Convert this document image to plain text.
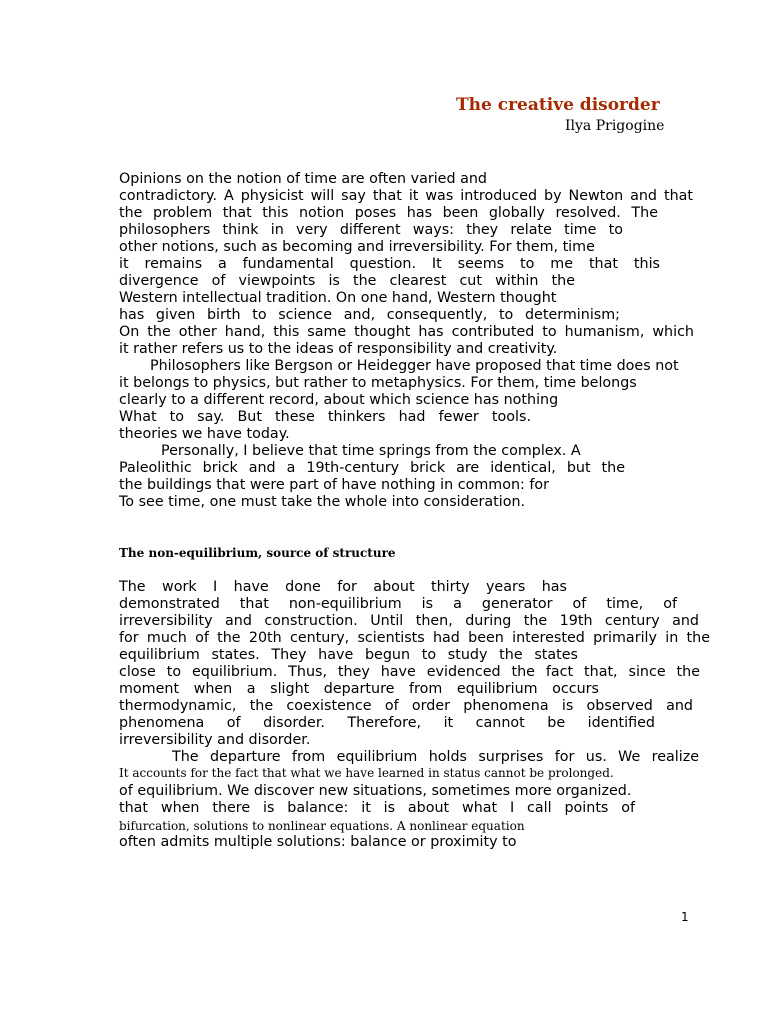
The creative disorder
Ilya Prigogine
Opinions on the notion of time are often varied and
contradictory. A physicist will say that it was introduced by Newton and that
the problem that this notion poses has been globally resolved. The
philosophers think in very different ways: they relate time to
other notions, such as becoming and irreversibility. For them, time
it remains a fundamental question. It seems to me that this
divergence of viewpoints is the clearest cut within the
Western intellectual tradition. On one hand, Western thought
has given birth to science and, consequently, to determinism;
On the other hand, this same thought has contributed to humanism, which
it rather refers us to the ideas of responsibility and creativity.
Philosophers like Bergson or Heidegger have proposed that time does not
it belongs to physics, but rather to metaphysics. For them, time belongs
clearly to a different record, about which science has nothing
What to say. But these thinkers had fewer tools.
theories we have today.
Personally, I believe that time springs from the complex. A
Paleolithic brick and a 19th-century brick are identical, but the
the buildings that were part of have nothing in common: for
To see time, one must take the whole into consideration.
The non-equilibrium, source of structure
The work I have done for about thirty years has
demonstrated that non-equilibrium is a generator of time, of
irreversibility and construction. Until then, during the 19th century and
for much of the 20th century, scientists had been interested primarily in the
equilibrium states. They have begun to study the states
close to equilibrium. Thus, they have evidenced the fact that, since the
moment when a slight departure from equilibrium occurs
thermodynamic, the coexistence of order phenomena is observed and
phenomena of disorder. Therefore, it cannot be identified
irreversibility and disorder.
The departure from equilibrium holds surprises for us. We realize
It accounts for the fact that what we have learned in status cannot be prolonged.
of equilibrium. We discover new situations, sometimes more organized.
that when there is balance: it is about what I call points of
bifurcation, solutions to nonlinear equations. A nonlinear equation
often admits multiple solutions: balance or proximity to
1
